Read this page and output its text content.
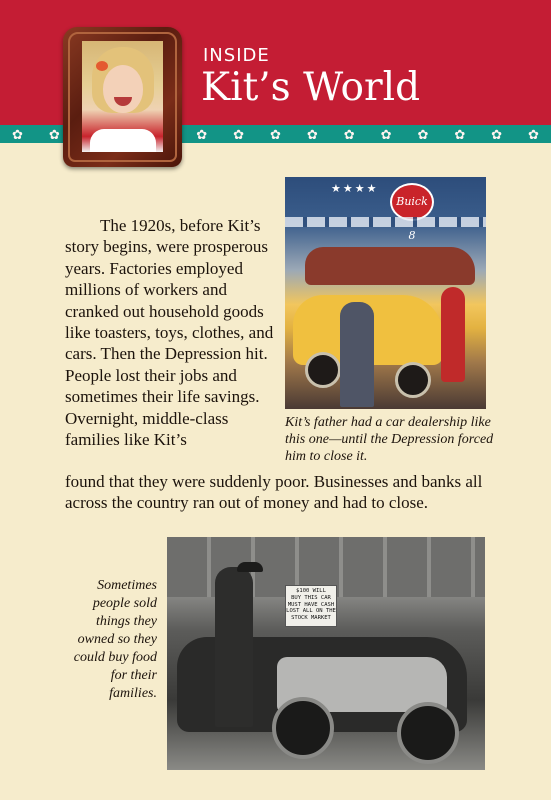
INSIDE
Kit’s World
✿ ✿	✿ ✿ ✿ ✿ ✿ ✿ ✿ ✿ ✿ ✿
★★★★
Buick 8
Kit’s father had a car dealership like this one—until the Depression forced him to close it.

The 1920s, before Kit’s story begins, were prosperous years. Factories employed millions of workers and cranked out household goods like toasters, toys, clothes, and cars. Then the Depression hit. People lost their jobs and sometimes their life savings. Overnight, middle-class families like Kit’s

found that they were suddenly poor. Businesses and banks all across the country ran out of money and had to close.

$100 WILL
BUY THIS CAR
MUST HAVE CASH
LOST ALL ON THE
STOCK MARKET
Sometimes people sold things they owned so they could buy food for their families.
